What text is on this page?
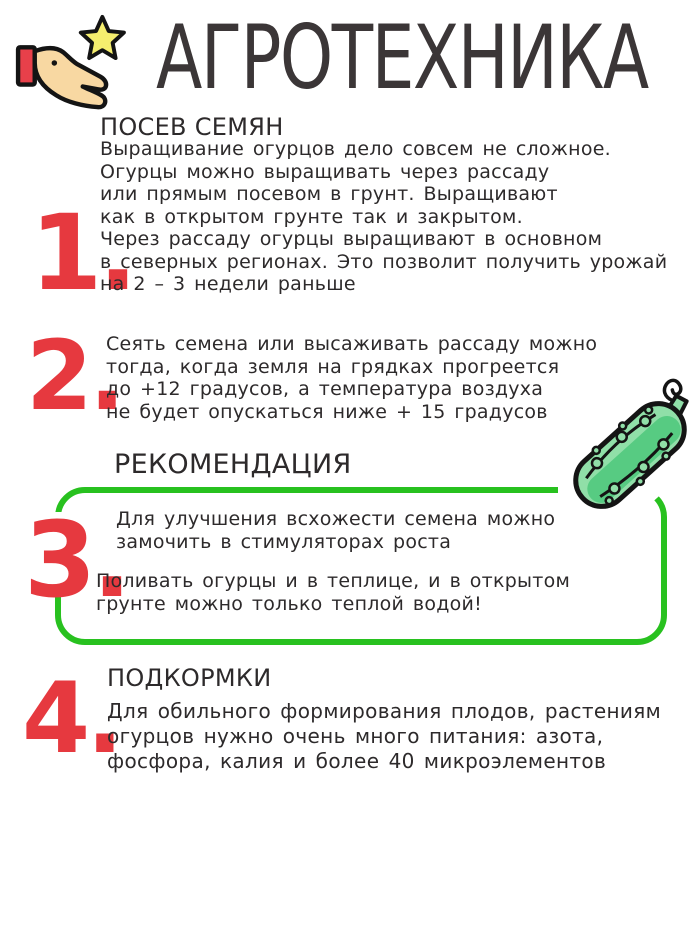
АГРОТЕХНИКА
1.
ПОСЕВ СЕМЯН
Выращивание огурцов дело совсем не сложное.
Огурцы можно выращивать через рассаду
или прямым посевом в грунт. Выращивают
как в открытом грунте так и закрытом.
Через рассаду огурцы выращивают в основном
в северных регионах. Это позволит получить урожай
на 2 – 3 недели раньше
2.
Сеять семена или высаживать рассаду можно
тогда, когда земля на грядках прогреется
до +12 градусов, а температура воздуха
не будет опускаться ниже + 15 градусов
РЕКОМЕНДАЦИЯ
3.
Для улучшения всхожести семена можно
замочить в стимуляторах роста
Поливать огурцы и в теплице, и в открытом
грунте можно только теплой водой!
4.
ПОДКОРМКИ
Для обильного формирования плодов, растениям
огурцов нужно очень много питания: азота,
фосфора, калия и более 40 микроэлементов
